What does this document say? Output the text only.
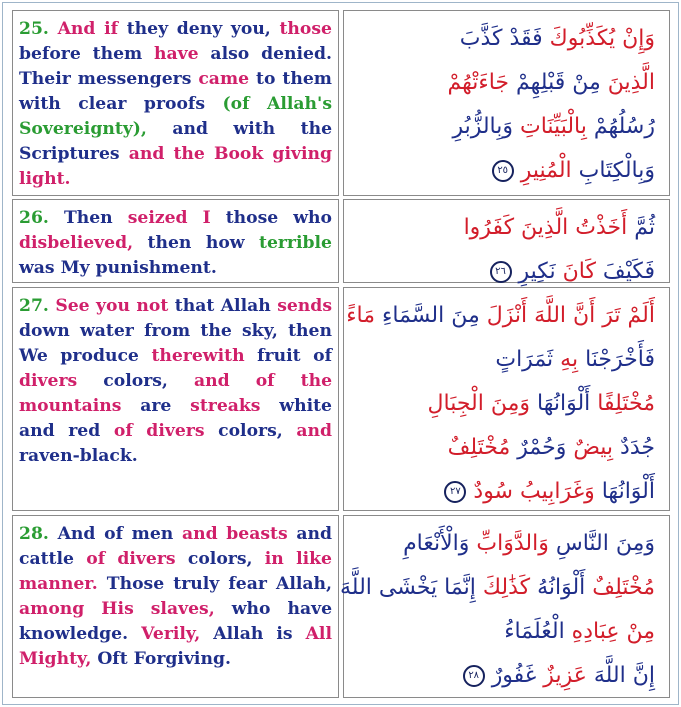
25. And if they deny you, those before them have also denied. Their messengers came to them with clear proofs (of Allah's Sovereignty), and with the Scriptures and the Book giving light.
وَإِنْ يُكَذِّبُوكَ فَقَدْ كَذَّبَ
الَّذِينَ مِنْ قَبْلِهِمْ جَاءَتْهُمْ
رُسُلُهُمْ بِالْبَيِّنَاتِ وَبِالزُّبُرِ
وَبِالْكِتَابِ الْمُنِيرِ ٢٥
26. Then seized I those who disbelieved, then how terrible was My punishment.
ثُمَّ أَخَذْتُ الَّذِينَ كَفَرُوا
فَكَيْفَ كَانَ نَكِيرِ ٢٦
27. See you not that Allah sends down water from the sky, then We produce therewith fruit of divers colors, and of the mountains are streaks white and red of divers colors, and raven-black.
أَلَمْ تَرَ أَنَّ اللَّهَ أَنْزَلَ مِنَ السَّمَاءِ مَاءً
فَأَخْرَجْنَا بِهِ ثَمَرَاتٍ
مُخْتَلِفًا أَلْوَانُهَا وَمِنَ الْجِبَالِ
جُدَدٌ بِيضٌ وَحُمْرٌ مُخْتَلِفٌ
أَلْوَانُهَا وَغَرَابِيبُ سُودٌ ٢٧
28. And of men and beasts and cattle of divers colors, in like manner. Those truly fear Allah, among His slaves, who have knowledge. Verily, Allah is All Mighty, Oft Forgiving.
وَمِنَ النَّاسِ وَالدَّوَابِّ وَالْأَنْعَامِ
مُخْتَلِفٌ أَلْوَانُهُ كَذَٰلِكَ إِنَّمَا يَخْشَى اللَّهَ
مِنْ عِبَادِهِ الْعُلَمَاءُ
إِنَّ اللَّهَ عَزِيزٌ غَفُورٌ ٢٨
